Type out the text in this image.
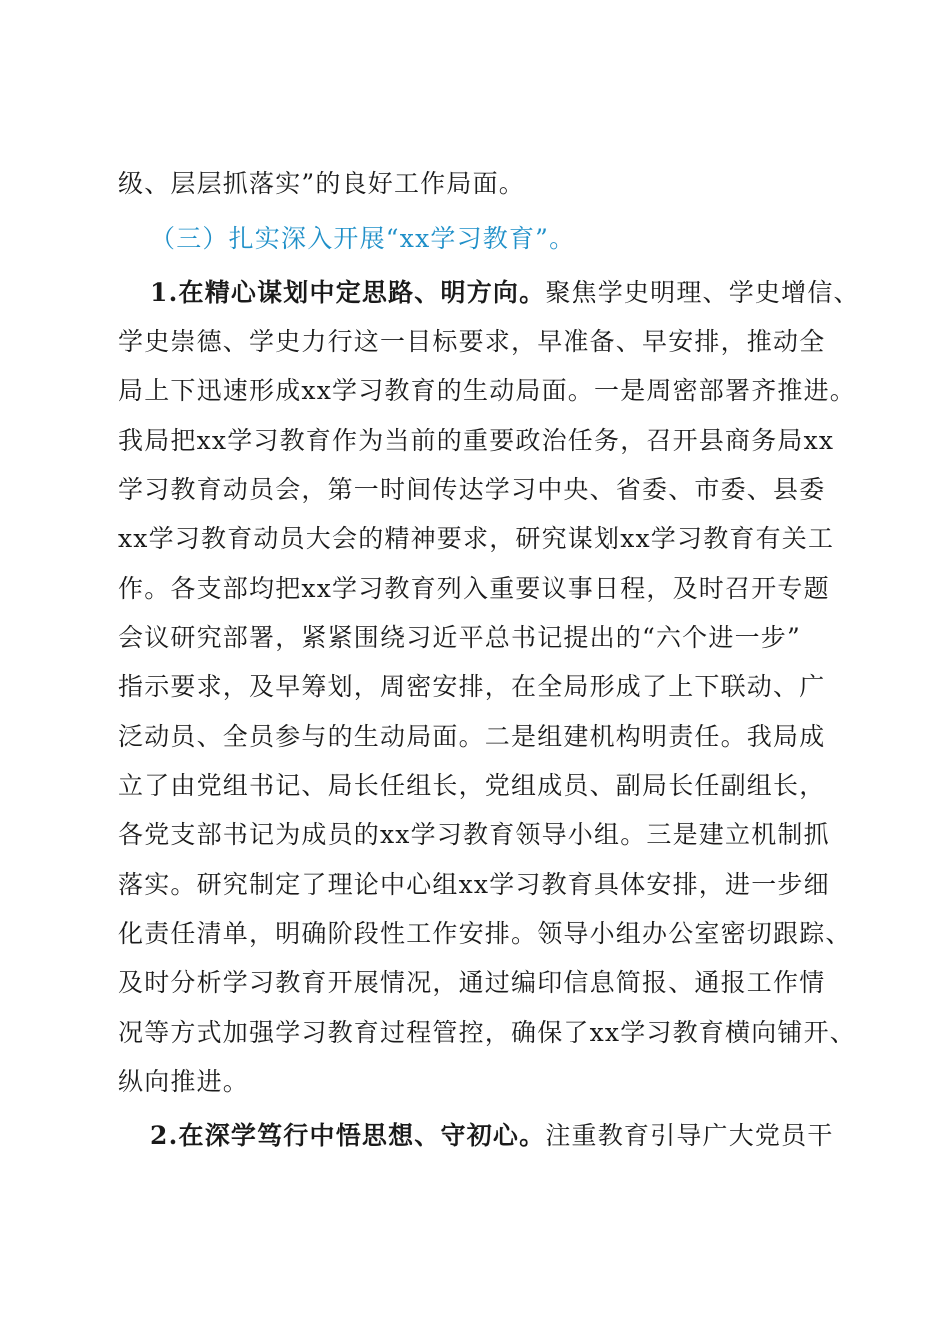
级、层层抓落实”的良好工作局面。
（三）扎实深入开展“xx学习教育”。
1.在精心谋划中定思路、明方向。聚焦学史明理、学史增信、
学史崇德、学史力行这一目标要求，早准备、早安排，推动全
局上下迅速形成xx学习教育的生动局面。一是周密部署齐推进。
我局把xx学习教育作为当前的重要政治任务，召开县商务局xx
学习教育动员会，第一时间传达学习中央、省委、市委、县委
xx学习教育动员大会的精神要求，研究谋划xx学习教育有关工
作。各支部均把xx学习教育列入重要议事日程，及时召开专题
会议研究部署，紧紧围绕习近平总书记提出的“六个进一步”
指示要求，及早筹划，周密安排，在全局形成了上下联动、广
泛动员、全员参与的生动局面。二是组建机构明责任。我局成
立了由党组书记、局长任组长，党组成员、副局长任副组长，
各党支部书记为成员的xx学习教育领导小组。三是建立机制抓
落实。研究制定了理论中心组xx学习教育具体安排，进一步细
化责任清单，明确阶段性工作安排。领导小组办公室密切跟踪、
及时分析学习教育开展情况，通过编印信息简报、通报工作情
况等方式加强学习教育过程管控，确保了xx学习教育横向铺开、
纵向推进。
2.在深学笃行中悟思想、守初心。注重教育引导广大党员干
